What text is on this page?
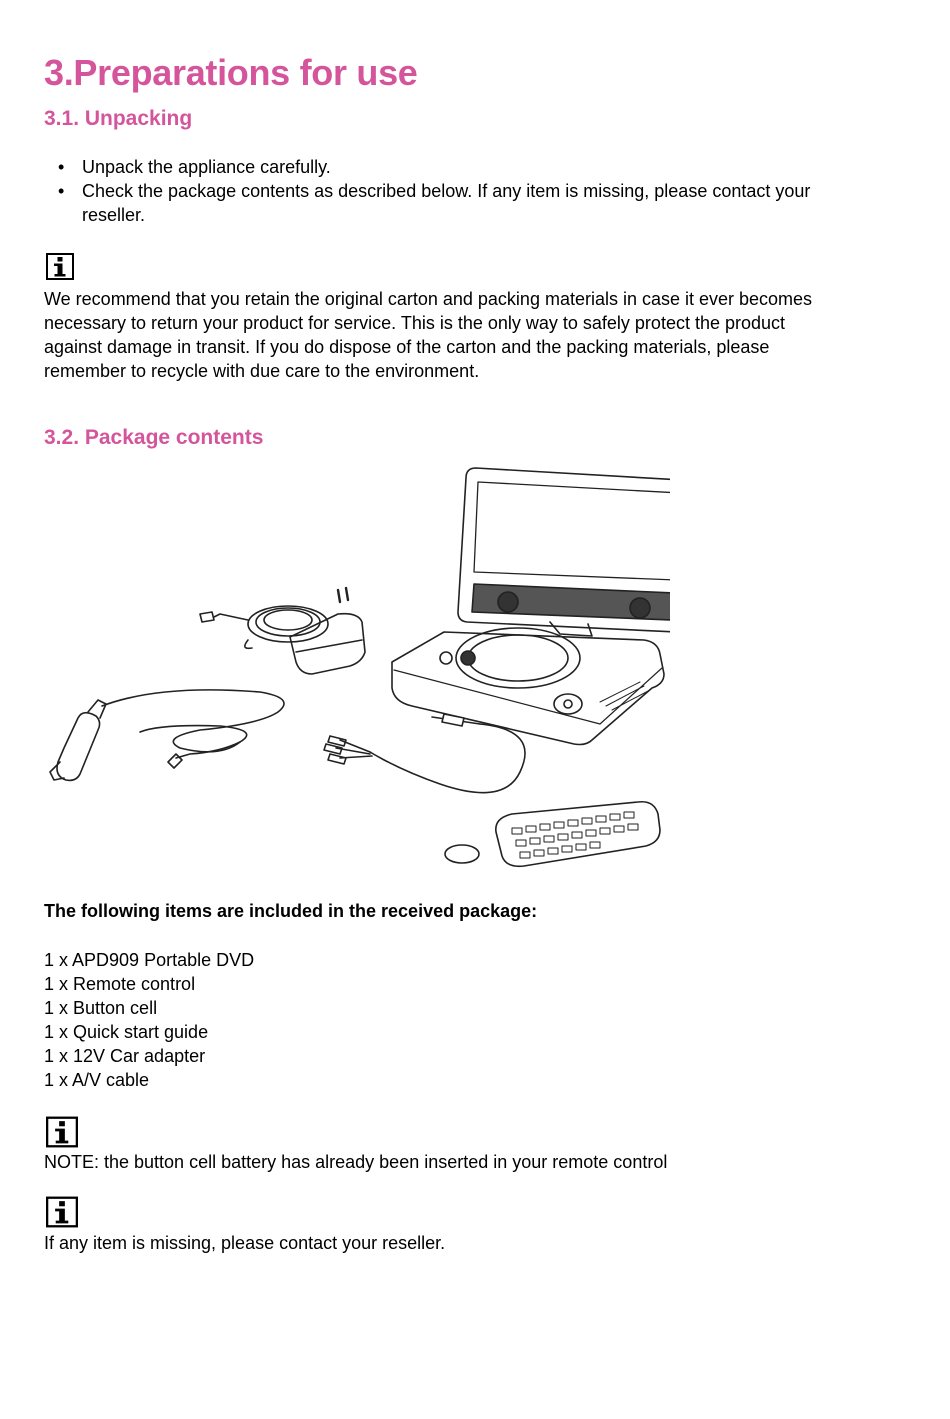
3.Preparations for use
3.1. Unpacking
• Unpack the appliance carefully.
• Check the package contents as described below. If any item is missing, please contact your reseller.

We recommend that you retain the original carton and packing materials in case it ever becomes necessary to return your product for service. This is the only way to safely protect the product against damage in transit. If you do dispose of the carton and the packing materials, please remember to recycle with due care to the environment.

3.2. Package contents

The following items are included in the received package:

1 x APD909 Portable DVD
1 x Remote control
1 x Button cell
1 x Quick start guide
1 x 12V Car adapter
1 x A/V cable

NOTE: the button cell battery has already been inserted in your remote control

If any item is missing, please contact your reseller.
